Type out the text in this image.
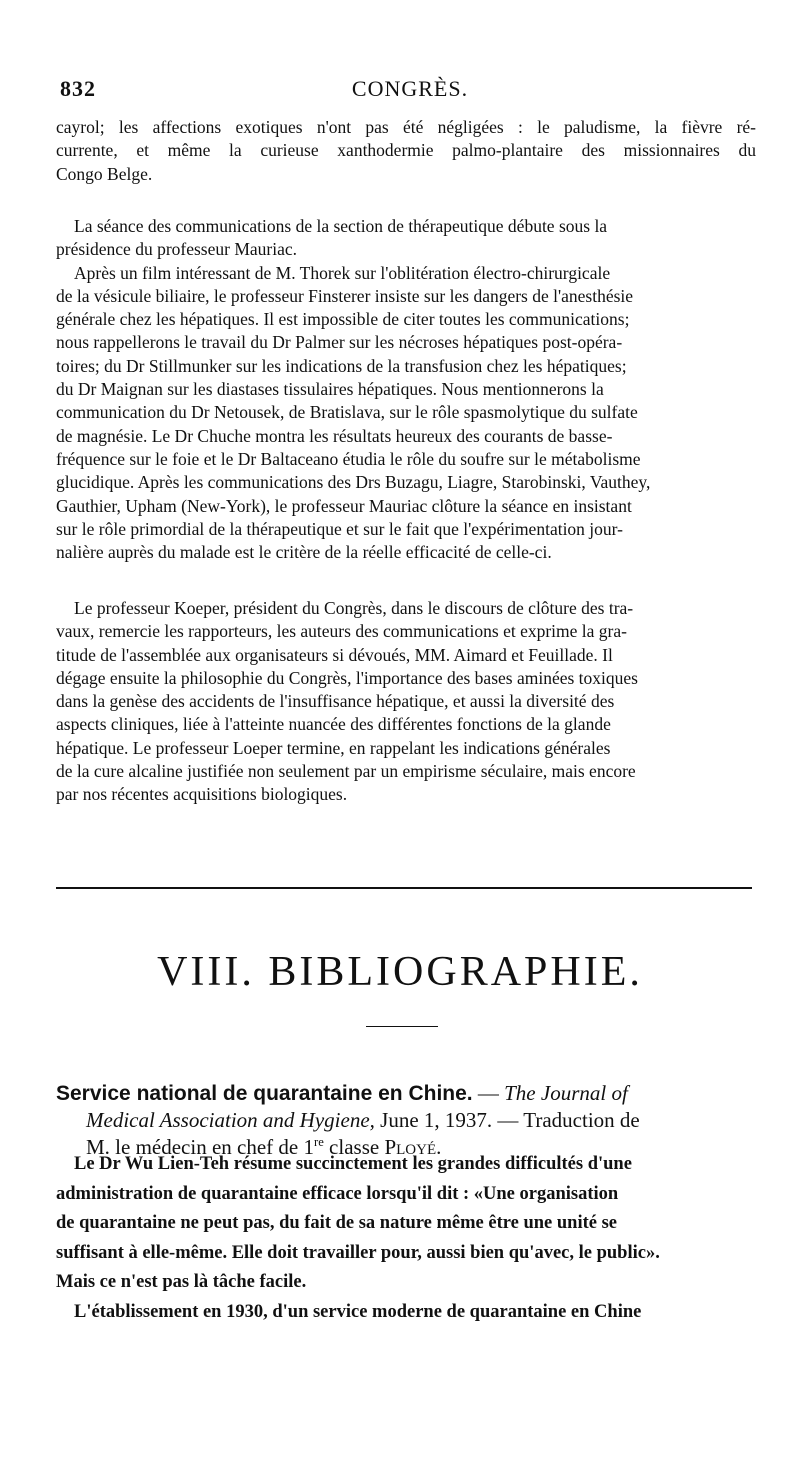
832	CONGRÈS.
cayrol; les affections exotiques n'ont pas été négligées : le paludisme, la fièvre ré-
currente, et même la curieuse xanthodermie palmo-plantaire des missionnaires du
Congo Belge.
La séance des communications de la section de thérapeutique débute sous la
présidence du professeur Mauriac.
Après un film intéressant de M. Thorek sur l'oblitération électro-chirurgicale
de la vésicule biliaire, le professeur Finsterer insiste sur les dangers de l'anesthésie
générale chez les hépatiques. Il est impossible de citer toutes les communications;
nous rappellerons le travail du Dr Palmer sur les nécroses hépatiques post-opéra-
toires; du Dr Stillmunker sur les indications de la transfusion chez les hépatiques;
du Dr Maignan sur les diastases tissulaires hépatiques. Nous mentionnerons la
communication du Dr Netousek, de Bratislava, sur le rôle spasmolytique du sulfate
de magnésie. Le Dr Chuche montra les résultats heureux des courants de basse-
fréquence sur le foie et le Dr Baltaceano étudia le rôle du soufre sur le métabolisme
glucidique. Après les communications des Drs Buzagu, Liagre, Starobinski, Vauthey,
Gauthier, Upham (New-York), le professeur Mauriac clôture la séance en insistant
sur le rôle primordial de la thérapeutique et sur le fait que l'expérimentation jour-
nalière auprès du malade est le critère de la réelle efficacité de celle-ci.
Le professeur Koeper, président du Congrès, dans le discours de clôture des tra-
vaux, remercie les rapporteurs, les auteurs des communications et exprime la gra-
titude de l'assemblée aux organisateurs si dévoués, MM. Aimard et Feuillade. Il
dégage ensuite la philosophie du Congrès, l'importance des bases aminées toxiques
dans la genèse des accidents de l'insuffisance hépatique, et aussi la diversité des
aspects cliniques, liée à l'atteinte nuancée des différentes fonctions de la glande
hépatique. Le professeur Loeper termine, en rappelant les indications générales
de la cure alcaline justifiée non seulement par un empirisme séculaire, mais encore
par nos récentes acquisitions biologiques.
VIII. BIBLIOGRAPHIE.
Service national de quarantaine en Chine. — The Journal of
Medical Association and Hygiene, June 1, 1937. — Traduction de
M. le médecin en chef de 1re classe Ployé.
Le Dr Wu Lien-Teh résume succinctement les grandes difficultés d'une
administration de quarantaine efficace lorsqu'il dit : «Une organisation
de quarantaine ne peut pas, du fait de sa nature même être une unité se
suffisant à elle-même. Elle doit travailler pour, aussi bien qu'avec, le public».
Mais ce n'est pas là tâche facile.
L'établissement en 1930, d'un service moderne de quarantaine en Chine
